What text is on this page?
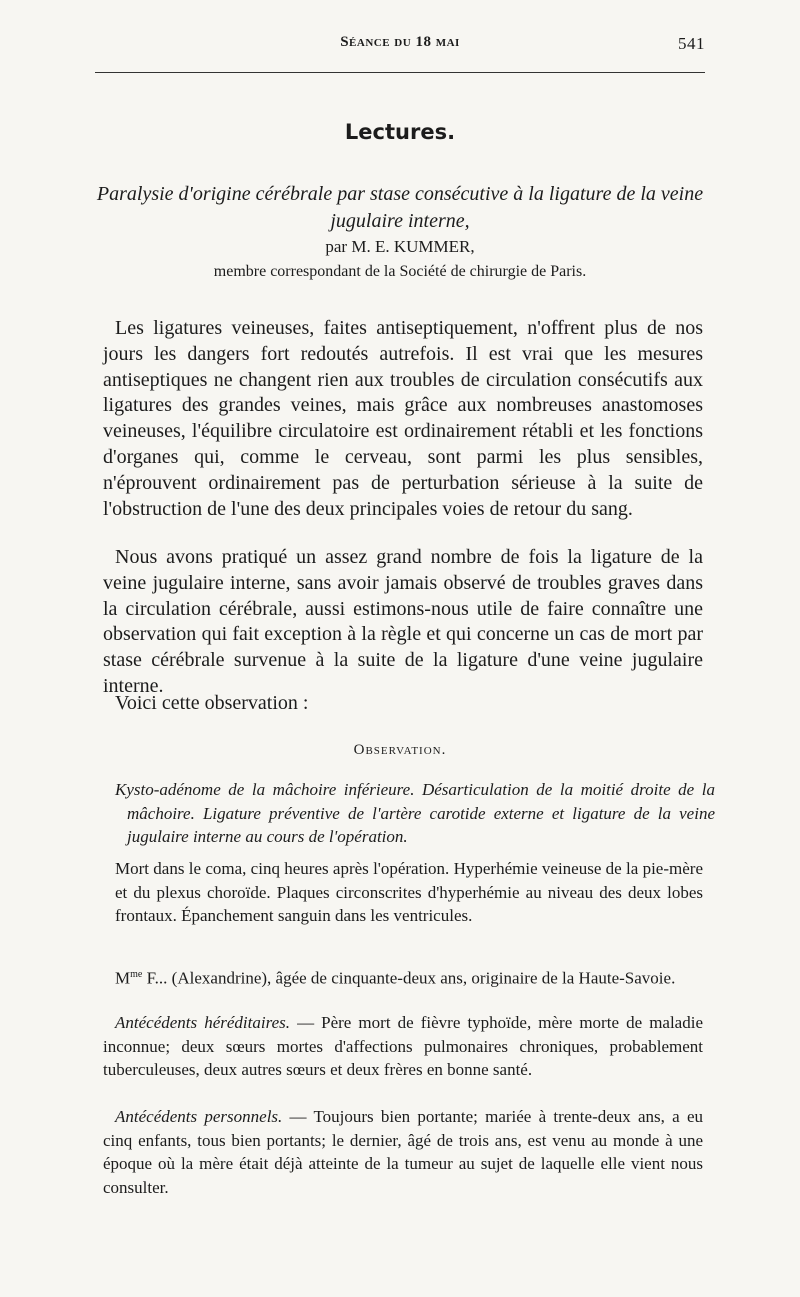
Séance du 18 mai	541
Lectures.
Paralysie d'origine cérébrale par stase consécutive à la ligature de la veine jugulaire interne,
par M. E. KUMMER,
membre correspondant de la Société de chirurgie de Paris.

Les ligatures veineuses, faites antiseptiquement, n'offrent plus de nos jours les dangers fort redoutés autrefois. Il est vrai que les mesures antiseptiques ne changent rien aux troubles de circulation consécutifs aux ligatures des grandes veines, mais grâce aux nombreuses anastomoses veineuses, l'équilibre circulatoire est ordinairement rétabli et les fonctions d'organes qui, comme le cerveau, sont parmi les plus sensibles, n'éprouvent ordinairement pas de perturbation sérieuse à la suite de l'obstruction de l'une des deux principales voies de retour du sang.

Nous avons pratiqué un assez grand nombre de fois la ligature de la veine jugulaire interne, sans avoir jamais observé de troubles graves dans la circulation cérébrale, aussi estimons-nous utile de faire connaître une observation qui fait exception à la règle et qui concerne un cas de mort par stase cérébrale survenue à la suite de la ligature d'une veine jugulaire interne.

Voici cette observation :
Observation.

Kysto-adénome de la mâchoire inférieure. Désarticulation de la moitié droite de la mâchoire. Ligature préventive de l'artère carotide externe et ligature de la veine jugulaire interne au cours de l'opération.

Mort dans le coma, cinq heures après l'opération. Hyperhémie veineuse de la pie-mère et du plexus choroïde. Plaques circonscrites d'hyperhémie au niveau des deux lobes frontaux. Épanchement sanguin dans les ventricules.

$M^{me}$ F... (Alexandrine), âgée de cinquante-deux ans, originaire de la Haute-Savoie.

Antécédents héréditaires. — Père mort de fièvre typhoïde, mère morte de maladie inconnue; deux sœurs mortes d'affections pulmonaires chroniques, probablement tuberculeuses, deux autres sœurs et deux frères en bonne santé.

Antécédents personnels. — Toujours bien portante; mariée à trente-deux ans, a eu cinq enfants, tous bien portants; le dernier, âgé de trois ans, est venu au monde à une époque où la mère était déjà atteinte de la tumeur au sujet de laquelle elle vient nous consulter.
